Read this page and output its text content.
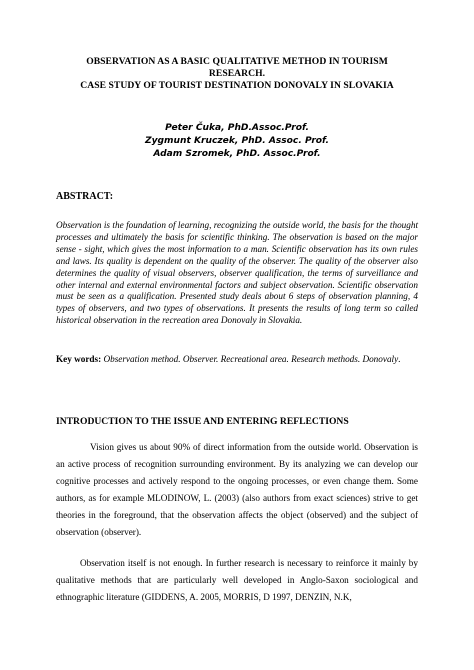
OBSERVATION AS A BASIC QUALITATIVE METHOD IN TOURISM
RESEARCH.
CASE STUDY OF TOURIST DESTINATION DONOVALY IN SLOVAKIA
Peter Čuka, PhD.Assoc.Prof.
Zygmunt Kruczek, PhD. Assoc. Prof.
Adam Szromek, PhD. Assoc.Prof.
ABSTRACT:
Observation is the foundation of learning, recognizing the outside world, the basis for the thought processes and ultimately the basis for scientific thinking. The observation is based on the major sense - sight, which gives the most information to a man. Scientific observation has its own rules and laws. Its quality is dependent on the quality of the observer. The quality of the observer also determines the quality of visual observers, observer qualification, the terms of surveillance and other internal and external environmental factors and subject observation. Scientific observation must be seen as a qualification. Presented study deals about 6 steps of observation planning, 4 types of observers, and two types of observations. It presents the results of long term so called historical observation in the recreation area Donovaly in Slovakia.
Key words: Observation method. Observer. Recreational area. Research methods. Donovaly.
INTRODUCTION TO THE ISSUE AND ENTERING REFLECTIONS
Vision gives us about 90% of direct information from the outside world. Observation is an active process of recognition surrounding environment. By its analyzing we can develop our cognitive processes and actively respond to the ongoing processes, or even change them. Some authors, as for example MLODINOW, L. (2003) (also authors from exact sciences) strive to get theories in the foreground, that the observation affects the object (observed) and the subject of observation (observer).
Observation itself is not enough. In further research is necessary to reinforce it mainly by qualitative methods that are particularly well developed in Anglo-Saxon sociological and ethnographic literature (GIDDENS, A. 2005, MORRIS, D 1997, DENZIN, N.K,
